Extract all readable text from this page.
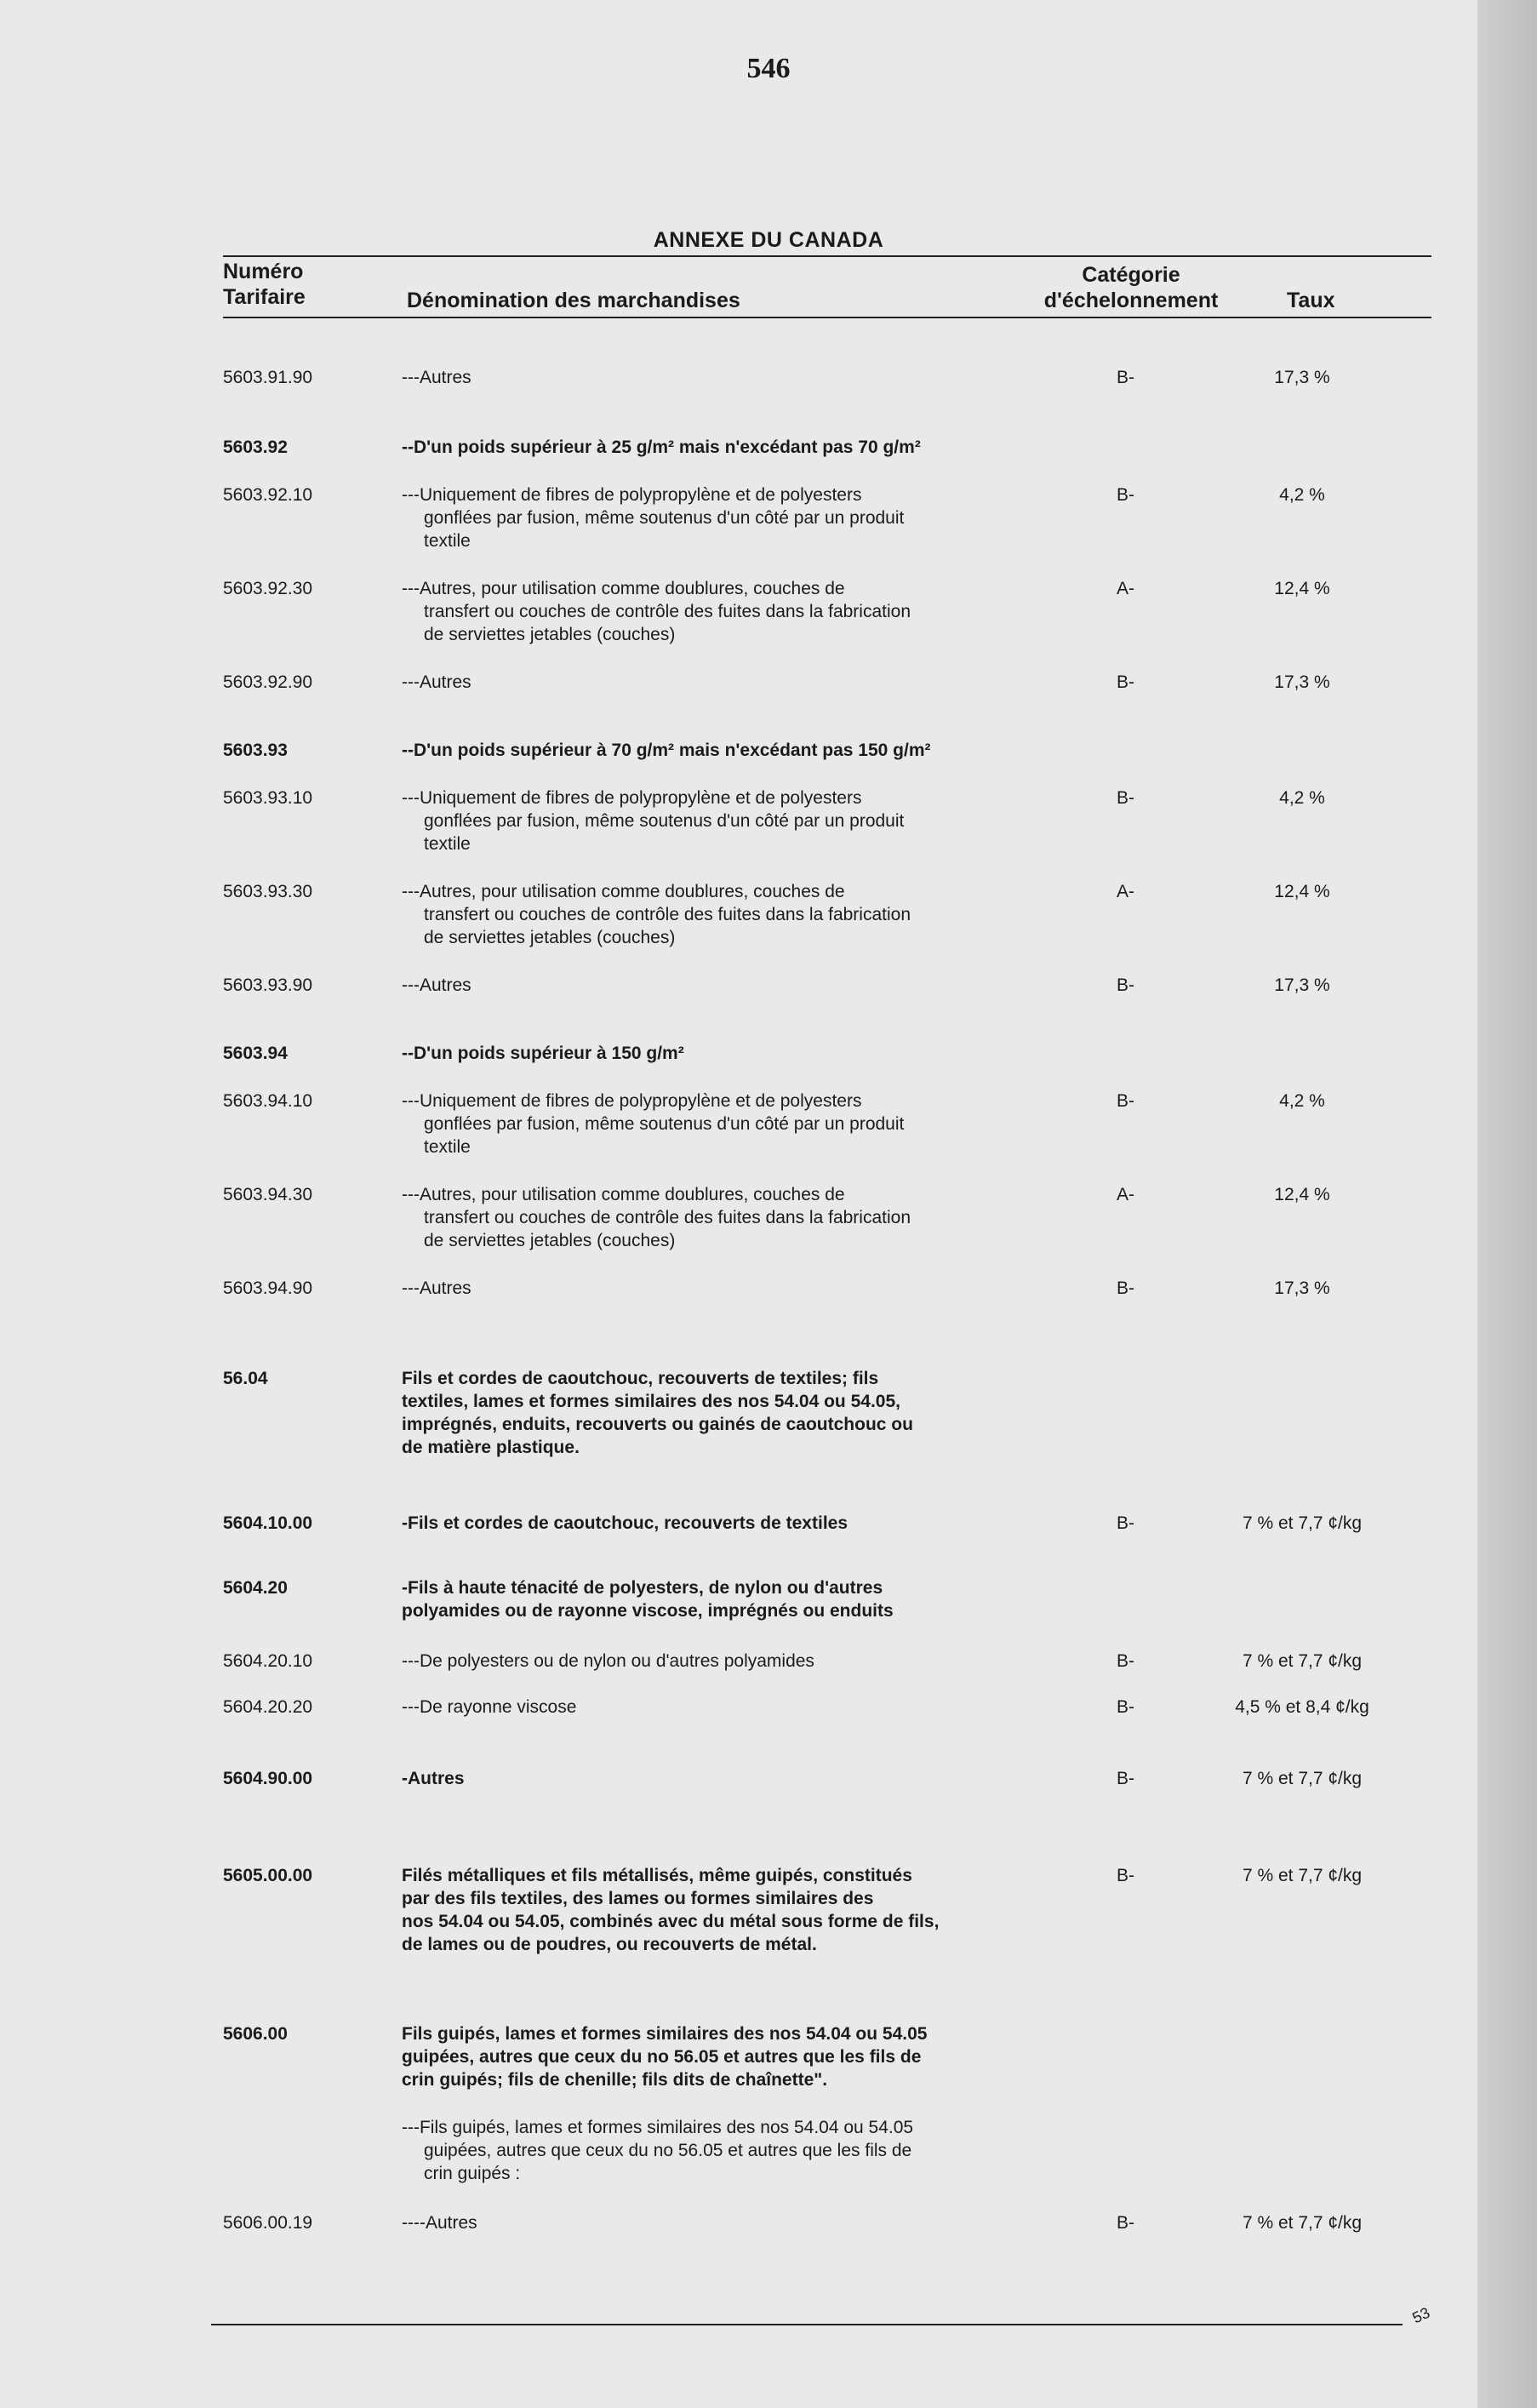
546
ANNEXE DU CANADA
Numéro
Tarifaire	Dénomination des marchandises
Catégorie
d'échelonnement	Taux
5603.91.90	---Autres	B-	17,3 %
5603.92	--D'un poids supérieur à 25 g/m² mais n'excédant pas 70 g/m²
5603.92.10	---Uniquement de fibres de polypropylène et de polyesters
gonflées par fusion, même soutenus d'un côté par un produit
textile
B-	4,2 %
5603.92.30	---Autres, pour utilisation comme doublures, couches de
transfert ou couches de contrôle des fuites dans la fabrication
de serviettes jetables (couches)
A-	12,4 %
5603.92.90	---Autres	B-	17,3 %
5603.93	--D'un poids supérieur à 70 g/m² mais n'excédant pas 150 g/m²
5603.93.10	---Uniquement de fibres de polypropylène et de polyesters
gonflées par fusion, même soutenus d'un côté par un produit
textile
B-	4,2 %
5603.93.30	---Autres, pour utilisation comme doublures, couches de
transfert ou couches de contrôle des fuites dans la fabrication
de serviettes jetables (couches)
A-	12,4 %
5603.93.90	---Autres	B-	17,3 %
5603.94	--D'un poids supérieur à 150 g/m²
5603.94.10	---Uniquement de fibres de polypropylène et de polyesters
gonflées par fusion, même soutenus d'un côté par un produit
textile
B-	4,2 %
5603.94.30	---Autres, pour utilisation comme doublures, couches de
transfert ou couches de contrôle des fuites dans la fabrication
de serviettes jetables (couches)
A-	12,4 %
5603.94.90	---Autres	B-	17,3 %
56.04	Fils et cordes de caoutchouc, recouverts de textiles; fils
textiles, lames et formes similaires des nos 54.04 ou 54.05,
imprégnés, enduits, recouverts ou gainés de caoutchouc ou
de matière plastique.
5604.10.00	-Fils et cordes de caoutchouc, recouverts de textiles	B-	7 % et 7,7 ¢/kg
5604.20	-Fils à haute ténacité de polyesters, de nylon ou d'autres
polyamides ou de rayonne viscose, imprégnés ou enduits
5604.20.10	---De polyesters ou de nylon ou d'autres polyamides	B-	7 % et 7,7 ¢/kg
5604.20.20	---De rayonne viscose	B-	4,5 % et 8,4 ¢/kg
5604.90.00	-Autres	B-	7 % et 7,7 ¢/kg
5605.00.00	Filés métalliques et fils métallisés, même guipés, constitués
par des fils textiles, des lames ou formes similaires des
nos 54.04 ou 54.05, combinés avec du métal sous forme de fils,
de lames ou de poudres, ou recouverts de métal.
B-	7 % et 7,7 ¢/kg
5606.00	Fils guipés, lames et formes similaires des nos 54.04 ou 54.05
guipées, autres que ceux du no 56.05 et autres que les fils de
crin guipés; fils de chenille; fils dits de chaînette".
---Fils guipés, lames et formes similaires des nos 54.04 ou 54.05
guipées, autres que ceux du no 56.05 et autres que les fils de
crin guipés :
5606.00.19	----Autres	B-	7 % et 7,7 ¢/kg
53
